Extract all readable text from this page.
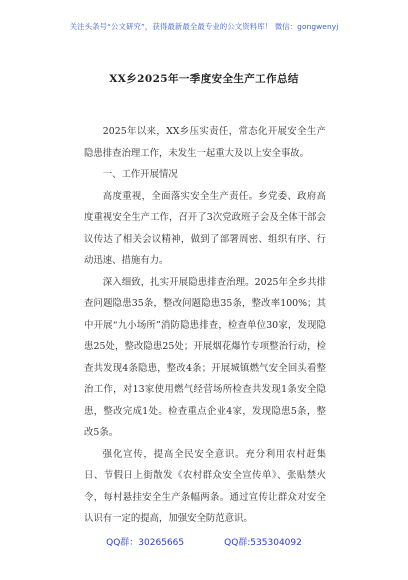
关注头条号“公文研究”，获得最新最全最专业的公文资料库！ 微信：gongwenyj
XX乡2025年一季度安全生产工作总结

2025年以来，XX乡压实责任，常态化开展安全生产隐患排查治理工作，未发生一起重大及以上安全事故。

一、工作开展情况

高度重视，全面落实安全生产责任。乡党委、政府高度重视安全生产工作，召开了3次党政班子会及全体干部会议传达了相关会议精神，做到了部署周密、组织有序、行动迅速、措施有力。

深入细致，扎实开展隐患排查治理。2025年全乡共排查问题隐患35条，整改问题隐患35条，整改率100%；其中开展“九小场所”消防隐患排查，检查单位30家，发现隐患25处，整改隐患25处；开展烟花爆竹专项整治行动，检查共发现4条隐患，整改4条；开展城镇燃气安全回头看整治工作，对13家使用燃气经营场所检查共发现1条安全隐患，整改完成1处。检查重点企业4家，发现隐患5条，整改5条。

强化宣传，提高全民安全意识。充分利用农村赶集日、节假日上街散发《农村群众安全宣传单》、张贴禁火令，每村悬挂安全生产条幅两条。通过宣传让群众对安全认识有一定的提高，加强安全防范意识。

QQ群：30265665	QQ群:535304092
